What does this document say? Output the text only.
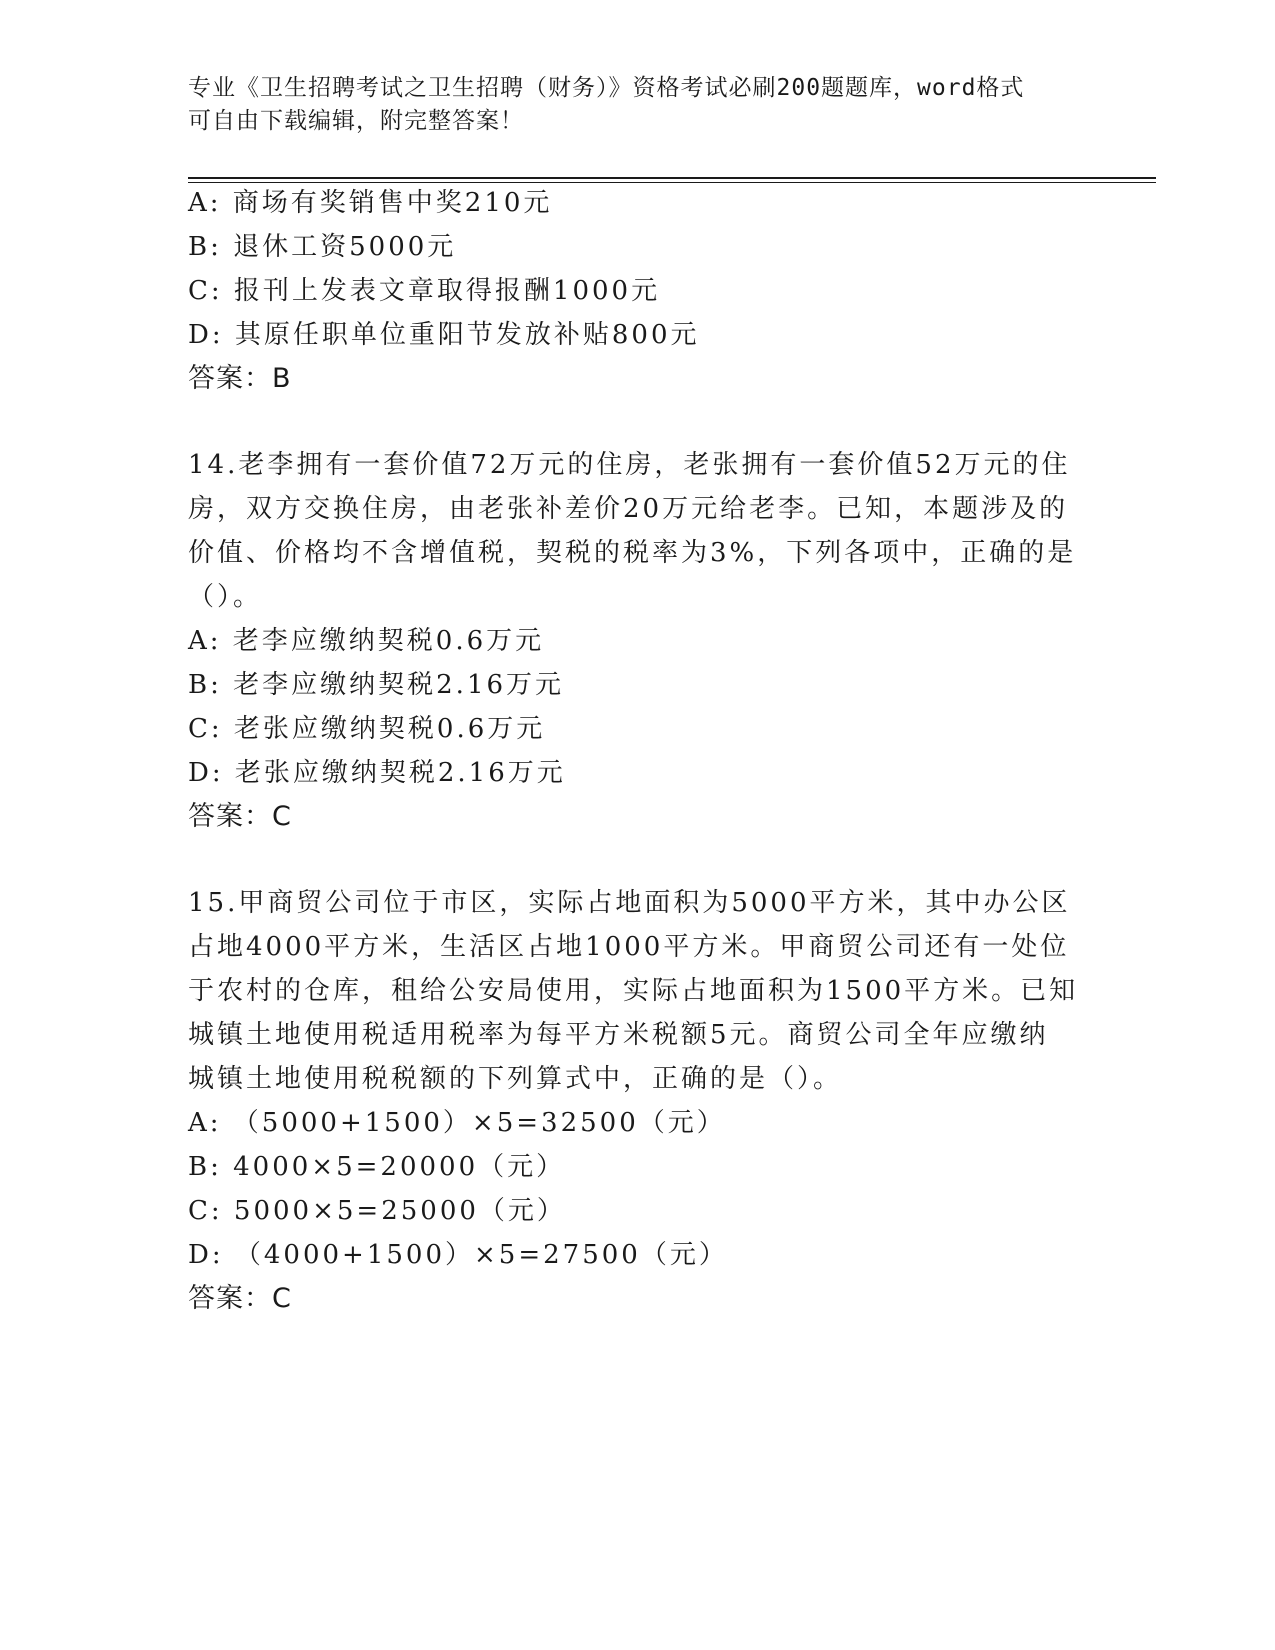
专业《卫生招聘考试之卫生招聘（财务）》资格考试必刷200题题库，word格式
可自由下载编辑，附完整答案！
A: 商场有奖销售中奖210元
B: 退休工资5000元
C: 报刊上发表文章取得报酬1000元
D: 其原任职单位重阳节发放补贴800元
答案：B
14.老李拥有一套价值72万元的住房，老张拥有一套价值52万元的住
房，双方交换住房，由老张补差价20万元给老李。已知，本题涉及的
价值、价格均不含增值税，契税的税率为3%，下列各项中，正确的是
（）。
A: 老李应缴纳契税0.6万元
B: 老李应缴纳契税2.16万元
C: 老张应缴纳契税0.6万元
D: 老张应缴纳契税2.16万元
答案：C
15.甲商贸公司位于市区，实际占地面积为5000平方米，其中办公区
占地4000平方米，生活区占地1000平方米。甲商贸公司还有一处位
于农村的仓库，租给公安局使用，实际占地面积为1500平方米。已知
城镇土地使用税适用税率为每平方米税额5元。商贸公司全年应缴纳
城镇土地使用税税额的下列算式中，正确的是（）。
A: （5000+1500）×5=32500（元）
B: 4000×5=20000（元）
C: 5000×5=25000（元）
D: （4000+1500）×5=27500（元）
答案：C
